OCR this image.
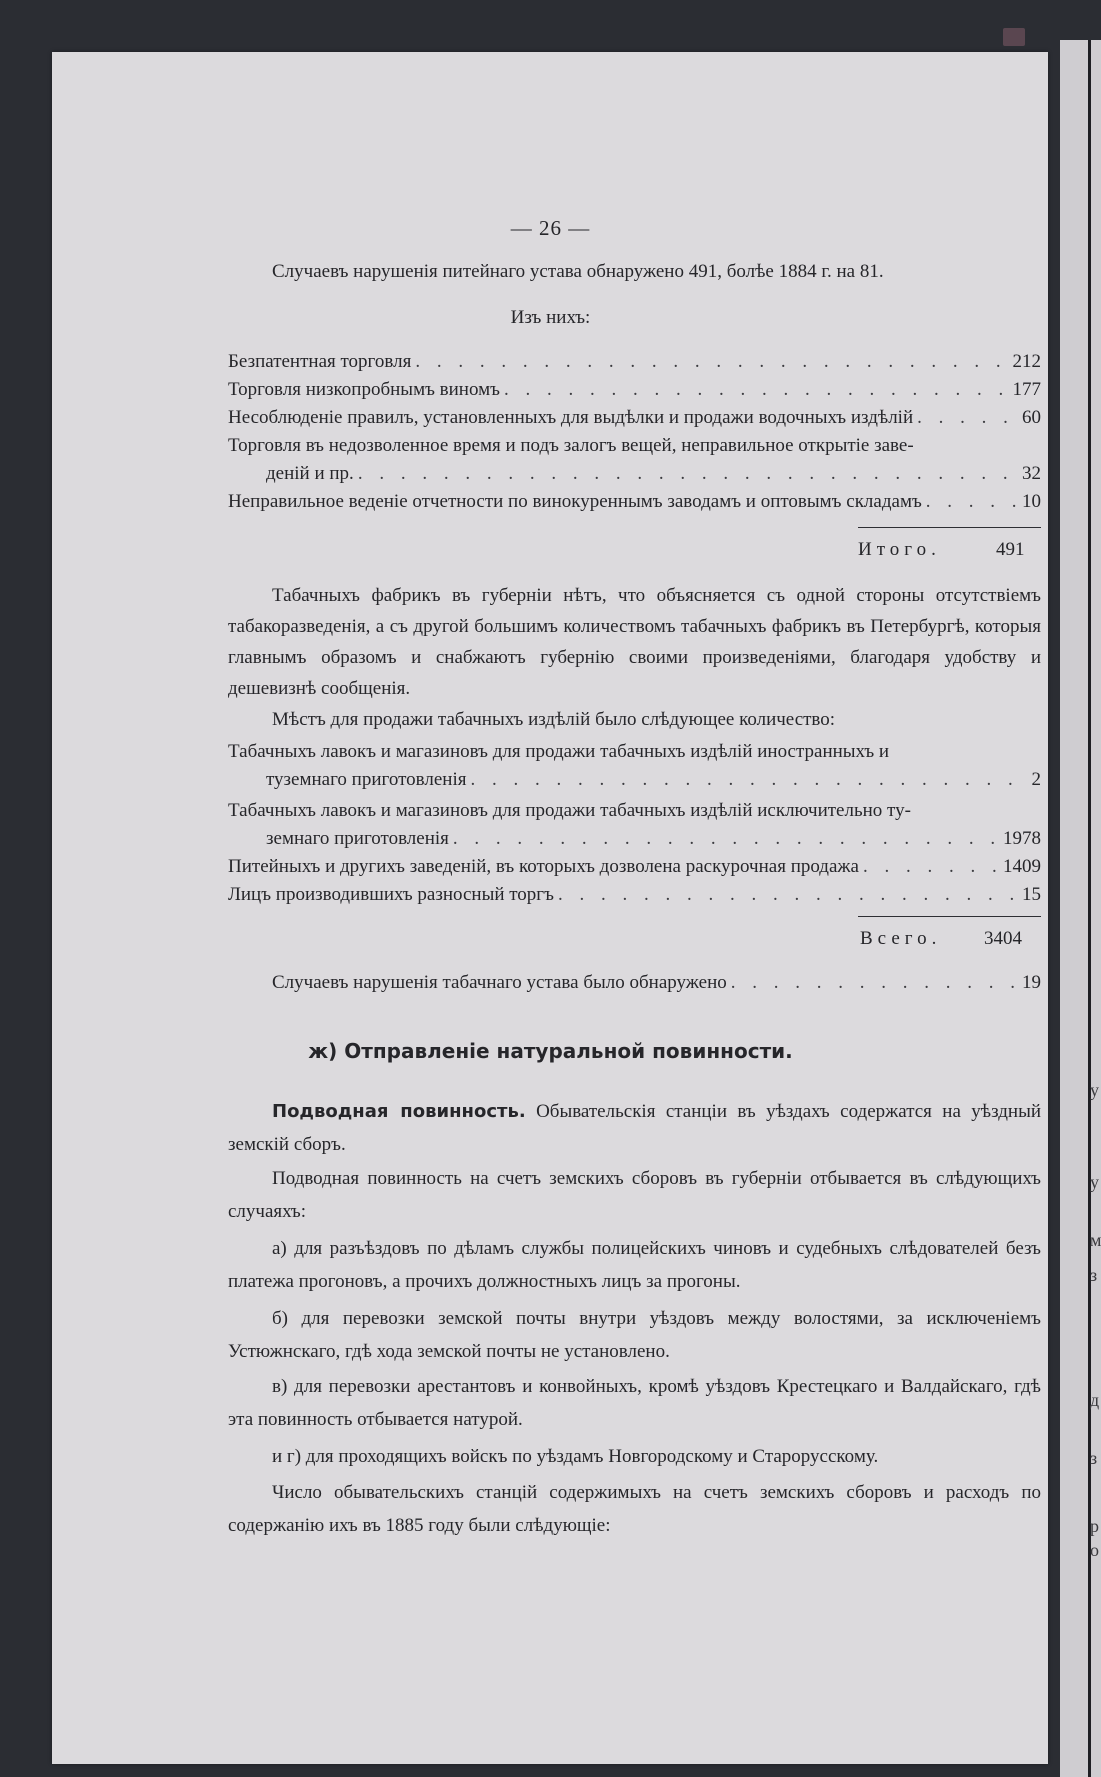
у
у
м
з
д
з
р
о
— 26 —
Случаевъ нарушенія питейнаго устава обнаружено 491, болѣе 1884 г. на 81.
Изъ нихъ:
Безпатентная торговля . . .	212
Торговля низкопробнымъ виномъ . . .	177
Несоблюденіе правилъ, установленныхъ для выдѣлки и продажи водочныхъ издѣлій . . .	60
Торговля въ недозволенное время и подъ залогъ вещей, неправильное открытіе заве-
деній и пр. . . .	32
Неправильное веденіе отчетности по винокуреннымъ заводамъ и оптовымъ складамъ . . .	10
Итого.	491
Табачныхъ фабрикъ въ губерніи нѣтъ, что объясняется съ одной стороны отсутствіемъ табакоразведенія, а съ другой большимъ количествомъ табачныхъ фабрикъ въ Петербургѣ, которыя главнымъ образомъ и снабжаютъ губернію своими произведеніями, благодаря удобству и дешевизнѣ сообщенія.
Мѣстъ для продажи табачныхъ издѣлій было слѣдующее количество:
Табачныхъ лавокъ и магазиновъ для продажи табачныхъ издѣлій иностранныхъ и
туземнаго приготовленія . . .	2
Табачныхъ лавокъ и магазиновъ для продажи табачныхъ издѣлій исключительно ту-
земнаго приготовленія . . .	1978
Питейныхъ и другихъ заведеній, въ которыхъ дозволена раскурочная продажа . . .	1409
Лицъ производившихъ разносный торгъ . . .	15
Всего. 3404
Случаевъ нарушенія табачнаго устава было обнаружено . . .	19
ж) Отправленіе натуральной повинности.
Подводная повинность. Обывательскія станціи въ уѣздахъ содержатся на уѣздный земскій сборъ.
Подводная повинность на счетъ земскихъ сборовъ въ губерніи отбывается въ слѣдующихъ случаяхъ:
а) для разъѣздовъ по дѣламъ службы полицейскихъ чиновъ и судебныхъ слѣдователей безъ платежа прогоновъ, а прочихъ должностныхъ лицъ за прогоны.
б) для перевозки земской почты внутри уѣздовъ между волостями, за исключеніемъ Устюжнскаго, гдѣ хода земской почты не установлено.
в) для перевозки арестантовъ и конвойныхъ, кромѣ уѣздовъ Крестецкаго и Валдайскаго, гдѣ эта повинность отбывается натурой.
и г) для проходящихъ войскъ по уѣздамъ Новгородскому и Старорусскому.
Число обывательскихъ станцій содержимыхъ на счетъ земскихъ сборовъ и расходъ по содержанію ихъ въ 1885 году были слѣдующіе:
